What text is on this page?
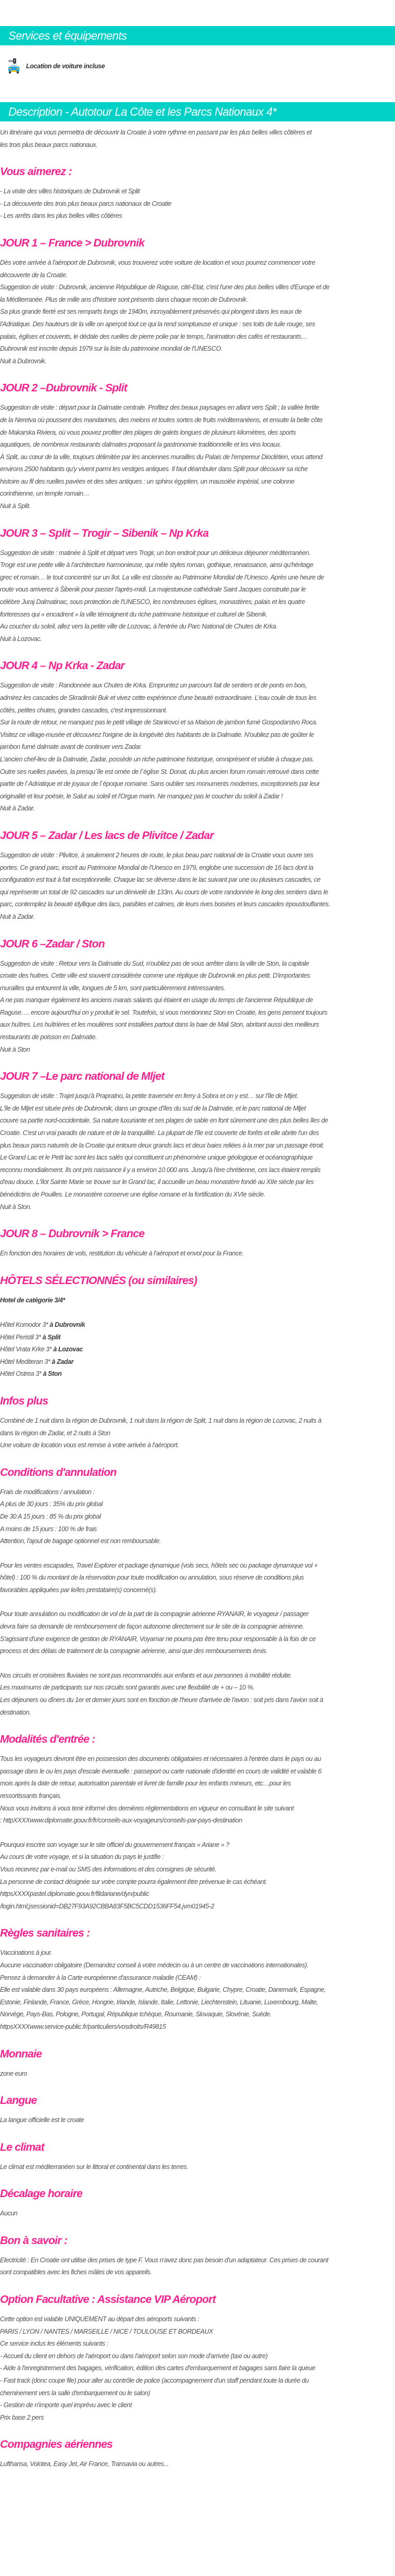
Services et équipements
Location de voiture incluse
Description - Autotour La Côte et les Parcs Nationaux 4*
Un itinéraire qui vous permettra de découvrir la Croatie à votre rythme en passant par les plus belles villes côtières et
les trois plus beaux parcs nationaux.
Vous aimerez :
- La visite des villes historiques de Dubrovnik et Split
- La découverte des trois plus beaux parcs nationaux de Croatie
- Les arrêts dans les plus belles villes côtières
JOUR 1 – France > Dubrovnik
Dès votre arrivée à l'aéroport de Dubrovnik, vous trouverez votre voiture de location et vous pourrez commencer votre
découverte de la Croatie.
Suggestion de visite : Dubrovnik, ancienne République de Raguse, cité-Etat, c'est l'une des plus belles villes d'Europe et de
la Méditerranée. Plus de mille ans d'histoire sont présents dans chaque recoin de Dubrovnik.
Sa plus grande fierté est ses remparts longs de 1940m, incroyablement préservés qui plongent dans les eaux de
l'Adriatique. Des hauteurs de la ville on aperçoit tout ce qui la rend somptueuse et unique : ses toits de tuile rouge, ses
palais, églises et couvents, le dédale des ruelles de pierre polie par le temps, l'animation des cafés et restaurants…
Dubrovnik est inscrite depuis 1979 sur la liste du patrimoine mondial de l'UNESCO.
Nuit à Dubrovnik.
JOUR 2 –Dubrovnik - Split
Suggestion de visite : départ pour la Dalmatie centrale. Profitez des beaux paysages en allant vers Split ; la vallée fertile
de la Neretva où poussent des mandarines, des melons et toutes sortes de fruits méditerranéens, et ensuite la belle côte
de Makarska Riviera, où vous pouvez profiter des plages de galets longues de plusieurs kilomètres, des sports
aquatiques, de nombreux restaurants dalmates proposant la gastronomie traditionnelle et les vins locaux.
À Split, au cœur de la ville, toujours délimitée par les anciennes murailles du Palais de l'empereur Dioclétien, vous attend
environs 2500 habitants qu'y vivent parmi les vestiges antiques. Il faut déambuler dans Split pour découvrir sa riche
histoire au fil des ruelles pavées et des sites antiques : un sphinx égyptien, un mausolée impérial, une colonne
corinthienne, un temple romain…
Nuit à Split.
JOUR 3 – Split – Trogir – Sibenik – Np Krka
Suggestion de visite : matinée à Split et départ vers Trogir, un bon endroit pour un délicieux déjeuner méditerranéen.
Trogir est une petite ville à l'architecture harmonieuse, qui mêle styles roman, gothique, renaissance, ainsi qu'héritage
grec et romain… le tout concentré sur un îlot. La ville est classée au Patrimoine Mondial de l'Unesco. Après une heure de
route vous arriverez à Šibenik pour passer l'après-midi. La majestueuse cathédrale Saint Jacques construite par le
célèbre Juraj Dalmatinac, sous protection de l'UNESCO, les nombreuses églises, monastères, palais et les quatre
forteresses qui « encadrent » la ville témoignent du riche patrimoine historique et culturel de Sibenik.
Au coucher du soleil, allez vers la petite ville de Lozovac, à l'entrée du Parc National de Chutes de Krka.
Nuit à Lozovac.
JOUR 4 – Np Krka - Zadar
Suggestion de visite : Randonnée aux Chutes de Krka. Empruntez un parcours fait de sentiers et de ponts en bois,
admirez les cascades de Skradinski Buk et vivez cette expérience d'une beauté extraordinaire. L'eau coule de tous les
côtés, petites chutes, grandes cascades, c'est impressionnant.
Sur la route de retour, ne manquez pas le petit village de Stankovci et sa Maison de jambon fumé Gospodarstvo Roca.
Visitez ce village-musée et découvrez l'origine de la longévité des habitants de la Dalmatie. N'oubliez pas de goûter le
jambon fumé dalmate avant de continuer vers Zadar.
L'ancien chef-lieu de la Dalmatie, Zadar, possède un riche patrimoine historique, omniprésent et visible à chaque pas.
Outre ses ruelles pavées, la presqu´île est ornée de l´église St. Donat, du plus ancien forum romain retrouvé dans cette
partie de l´Adriatique et de joyaux de l´époque romaine. Sans oublier ses monuments modernes, exceptionnels par leur
originalité et leur poésie, le Salut au soleil et l'Orgue marin. Ne manquez pas le coucher du soleil à Zadar !
Nuit à Zadar.
JOUR 5 – Zadar / Les lacs de Plivitce / Zadar
Suggestion de visite : Plivitce, à seulement 2 heures de route, le plus beau parc national de la Croatie vous ouvre ses
portes. Ce grand parc, inscrit au Patrimoine Mondial de l'Unesco en 1979, englobe une succession de 16 lacs dont la
configuration est tout à fait exceptionnelle. Chaque lac se déverse dans le lac suivant par une ou plusieurs cascades, ce
qui représente un total de 92 cascades sur un dénivelé de 133m. Au cours de votre randonnée le long des sentiers dans le
parc, contemplez la beauté idyllique des lacs, paisibles et calmes, de leurs rives boisées et leurs cascades époustouflantes.
Nuit à Zadar.
JOUR 6 –Zadar / Ston
Suggestion de visite : Retour vers la Dalmatie du Sud, n'oubliez pas de vous arrêter dans la ville de Ston, la capitale
croate des huitres. Cette ville est souvent considérée comme une réplique de Dubrovnik en plus petit. D'importantes
murailles qui entourent la ville, longues de 5 km, sont particulièrement intéressantes.
A ne pas manquer également les anciens marais salants qui étaient en usage du temps de l'ancienne République de
Raguse…. encore aujourd'hui on y produit le sel. Toutefois, si vous mentionnez Ston en Croatie, les gens pensent toujours
aux huîtres. Les huîtrières et les moulières sont installées partout dans la baie de Mali Ston, abritant aussi des meilleurs
restaurants de poisson en Dalmatie.
Nuit à Ston
JOUR 7 –Le parc national de Mljet
Suggestion de visite : Trajet jusqu'à Prapratno, la petite traversée en ferry à Sobra et on y est… sur l'île de Mljet.
L'île de Mljet est située près de Dubrovnik, dans un groupe d'îles du sud de la Dalmatie, et le parc national de Mljet
couvre sa partie nord-occidentale. Sa nature luxuriante et ses plages de sable en font sûrement une des plus belles îles de
Croatie. C'est un vrai paradis de nature et de la tranquillité. La plupart de l'île est couverte de forêts et elle abrite l'un des
plus beaux parcs naturels de la Croatie qui entoure deux grands lacs et deux baies reliées à la mer par un passage étroit.
Le Grand Lac et le Petit lac sont les lacs salés qui constituent un phénomène unique géologique et océanographique
reconnu mondialement. Ils ont pris naissance il y a environ 10 000 ans. Jusqu'à l'ère chrétienne, ces lacs étaient remplis
d'eau douce. L'îlot Sainte Marie se trouve sur le Grand lac, il accueille un beau monastère fondé au XIIe siècle par les
bénédictins de Pouilles. Le monastère conserve une église romane et la fortification du XVIe siècle.
Nuit à Ston.
JOUR 8 – Dubrovnik > France
En fonction des horaires de vols, restitution du véhicule à l'aéroport et envol pour la France.
HÔTELS SÉLECTIONNÉS (ou similaires)
Hotel de catégorie 3/4*

Hôtel Komodor 3* à Dubrovnik
Hôtel Peristil 3* à Split
Hôtel Vrata Krke 3* à Lozovac
Hôtel Mediteran 3* à Zadar
Hôtel Ostrea 3* à Ston
Infos plus
Combiné de 1 nuit dans la région de Dubrovnik, 1 nuit dans la région de Split, 1 nuit dans la région de Lozovac, 2 nuits à
dans la région de Zadar, et 2 nuits à Ston
Une voiture de location vous est remise à votre arrivée à l'aéroport.
Conditions d'annulation
Frais de modifications / annulation :
A plus de 30 jours : 35% du prix global
De 30 A 15 jours : 85 % du prix global
A moins de 15 jours : 100 % de frais
Attention, l'ajout de bagage optionnel est non remboursable.
Pour les ventes escapades, Travel Explorer et package dynamique (vols secs, hôtels sec ou package dynamique vol +
hôtel) : 100 % du montant de la réservation pour toute modification ou annulation, sous réserve de conditions plus
favorables appliquées par le/les prestataire(s) concerné(s).
Pour toute annulation ou modification de vol de la part de la compagnie aérienne RYANAIR, le voyageur / passager
devra faire sa demande de remboursement de façon autonome directement sur le site de la compagnie aérienne.
S'agissant d'une exigence de gestion de RYANAIR, Voyamar ne pourra pas être tenu pour responsable à la fois de ce
process et des délais de traitement de la compagnie aérienne, ainsi que des remboursements émis.
Nos circuits et croisières fluviales ne sont pas recommandés aux enfants et aux personnes à mobilité réduite.
Les maximums de participants sur nos circuits sont garantis avec une flexibilité de + ou – 10 %.
Les déjeuners ou dîners du 1er et dernier jours sont en fonction de l'heure d'arrivée de l'avion : soit pris dans l'avion soit à
destination.
Modalités d'entrée :
Tous les voyageurs devront être en possession des documents obligatoires et nécessaires à l'entrée dans le pays ou au
passage dans le ou les pays d'escale éventuelle : passeport ou carte nationale d'identité en cours de validité et valable 6
mois après la date de retour, autorisation parentale et livret de famille pour les enfants mineurs, etc…pour les
ressortissants français.
Nous vous invitons à vous tenir informé des dernières réglementations en vigueur en consultant le site suivant
: httpXXXXwww.diplomatie.gouv.fr/fr/conseils-aux-voyageurs/conseils-par-pays-destination
Pourquoi inscrire son voyage sur le site officiel du gouvernement français « Ariane » ?
Au cours de votre voyage, et si la situation du pays le justifie :
Vous recevrez par e-mail ou SMS des informations et des consignes de sécurité.
La personne de contact désignée sur votre compte pourra également être prévenue le cas échéant.
httpsXXXXpastel.diplomatie.gouv.fr/fildariane/dyn/public
/login.html;jsessionid=DB27F93A92CBBA83F5BC5CDD1536FF54.jvm01945-2
Règles sanitaires :
Vaccinations à jour.
Aucune vaccination obligatoire (Demandez conseil à votre médecin ou à un centre de vaccinations internationales).
Pensez à demander à la Carte européenne d'assurance maladie (CEAM) :
Elle est valable dans 30 pays européens : Allemagne, Autriche, Belgique, Bulgarie, Chypre, Croatie, Danemark, Espagne,
Estonie, Finlande, France, Grèce, Hongrie, Irlande, Islande, Italie, Lettonie, Liechtenstein, Lituanie, Luxembourg, Malte,
Norvège, Pays-Bas, Pologne, Portugal, République tchèque, Roumanie, Slovaquie, Slovénie, Suède.
httpsXXXXwww.service-public.fr/particuliers/vosdroits/R49815
Monnaie
zone euro
Langue
La langue officielle est le croate
Le climat
Le climat est méditerranéen sur le littoral et continental dans les terres.
Décalage horaire
Aucun
Bon à savoir :
Electricité : En Croatie ont utilise des prises de type F. Vous n'avez donc pas besoin d'un adaptateur. Ces prises de courant
sont compatibles avec les fiches mâles de vos appareils.
Option Facultative : Assistance VIP Aéroport
Cette option est valable UNIQUEMENT au départ des aéroports suivants :
PARIS / LYON / NANTES / MARSEILLE / NICE / TOULOUSE ET BORDEAUX
Ce service inclus les éléments suivants :
- Accueil du client en dehors de l'aéroport ou dans l'aéroport selon son mode d'arrivée (taxi ou autre)
- Aide à l'enregistrement des bagages, vérification, édition des cartes d'embarquement et bagages sans faire la queue
- Fast track (donc coupe file) pour aller au contrôle de police (accompagnement d'un staff pendant toute la durée du
cheminement vers la salle d'embarquement ou le salon)
- Gestion de n'importe quel imprévu avec le client
Prix base 2 pers
Compagnies aériennes
Lufthansa, Volotea, Easy Jet, Air France, Transavia ou autres...
